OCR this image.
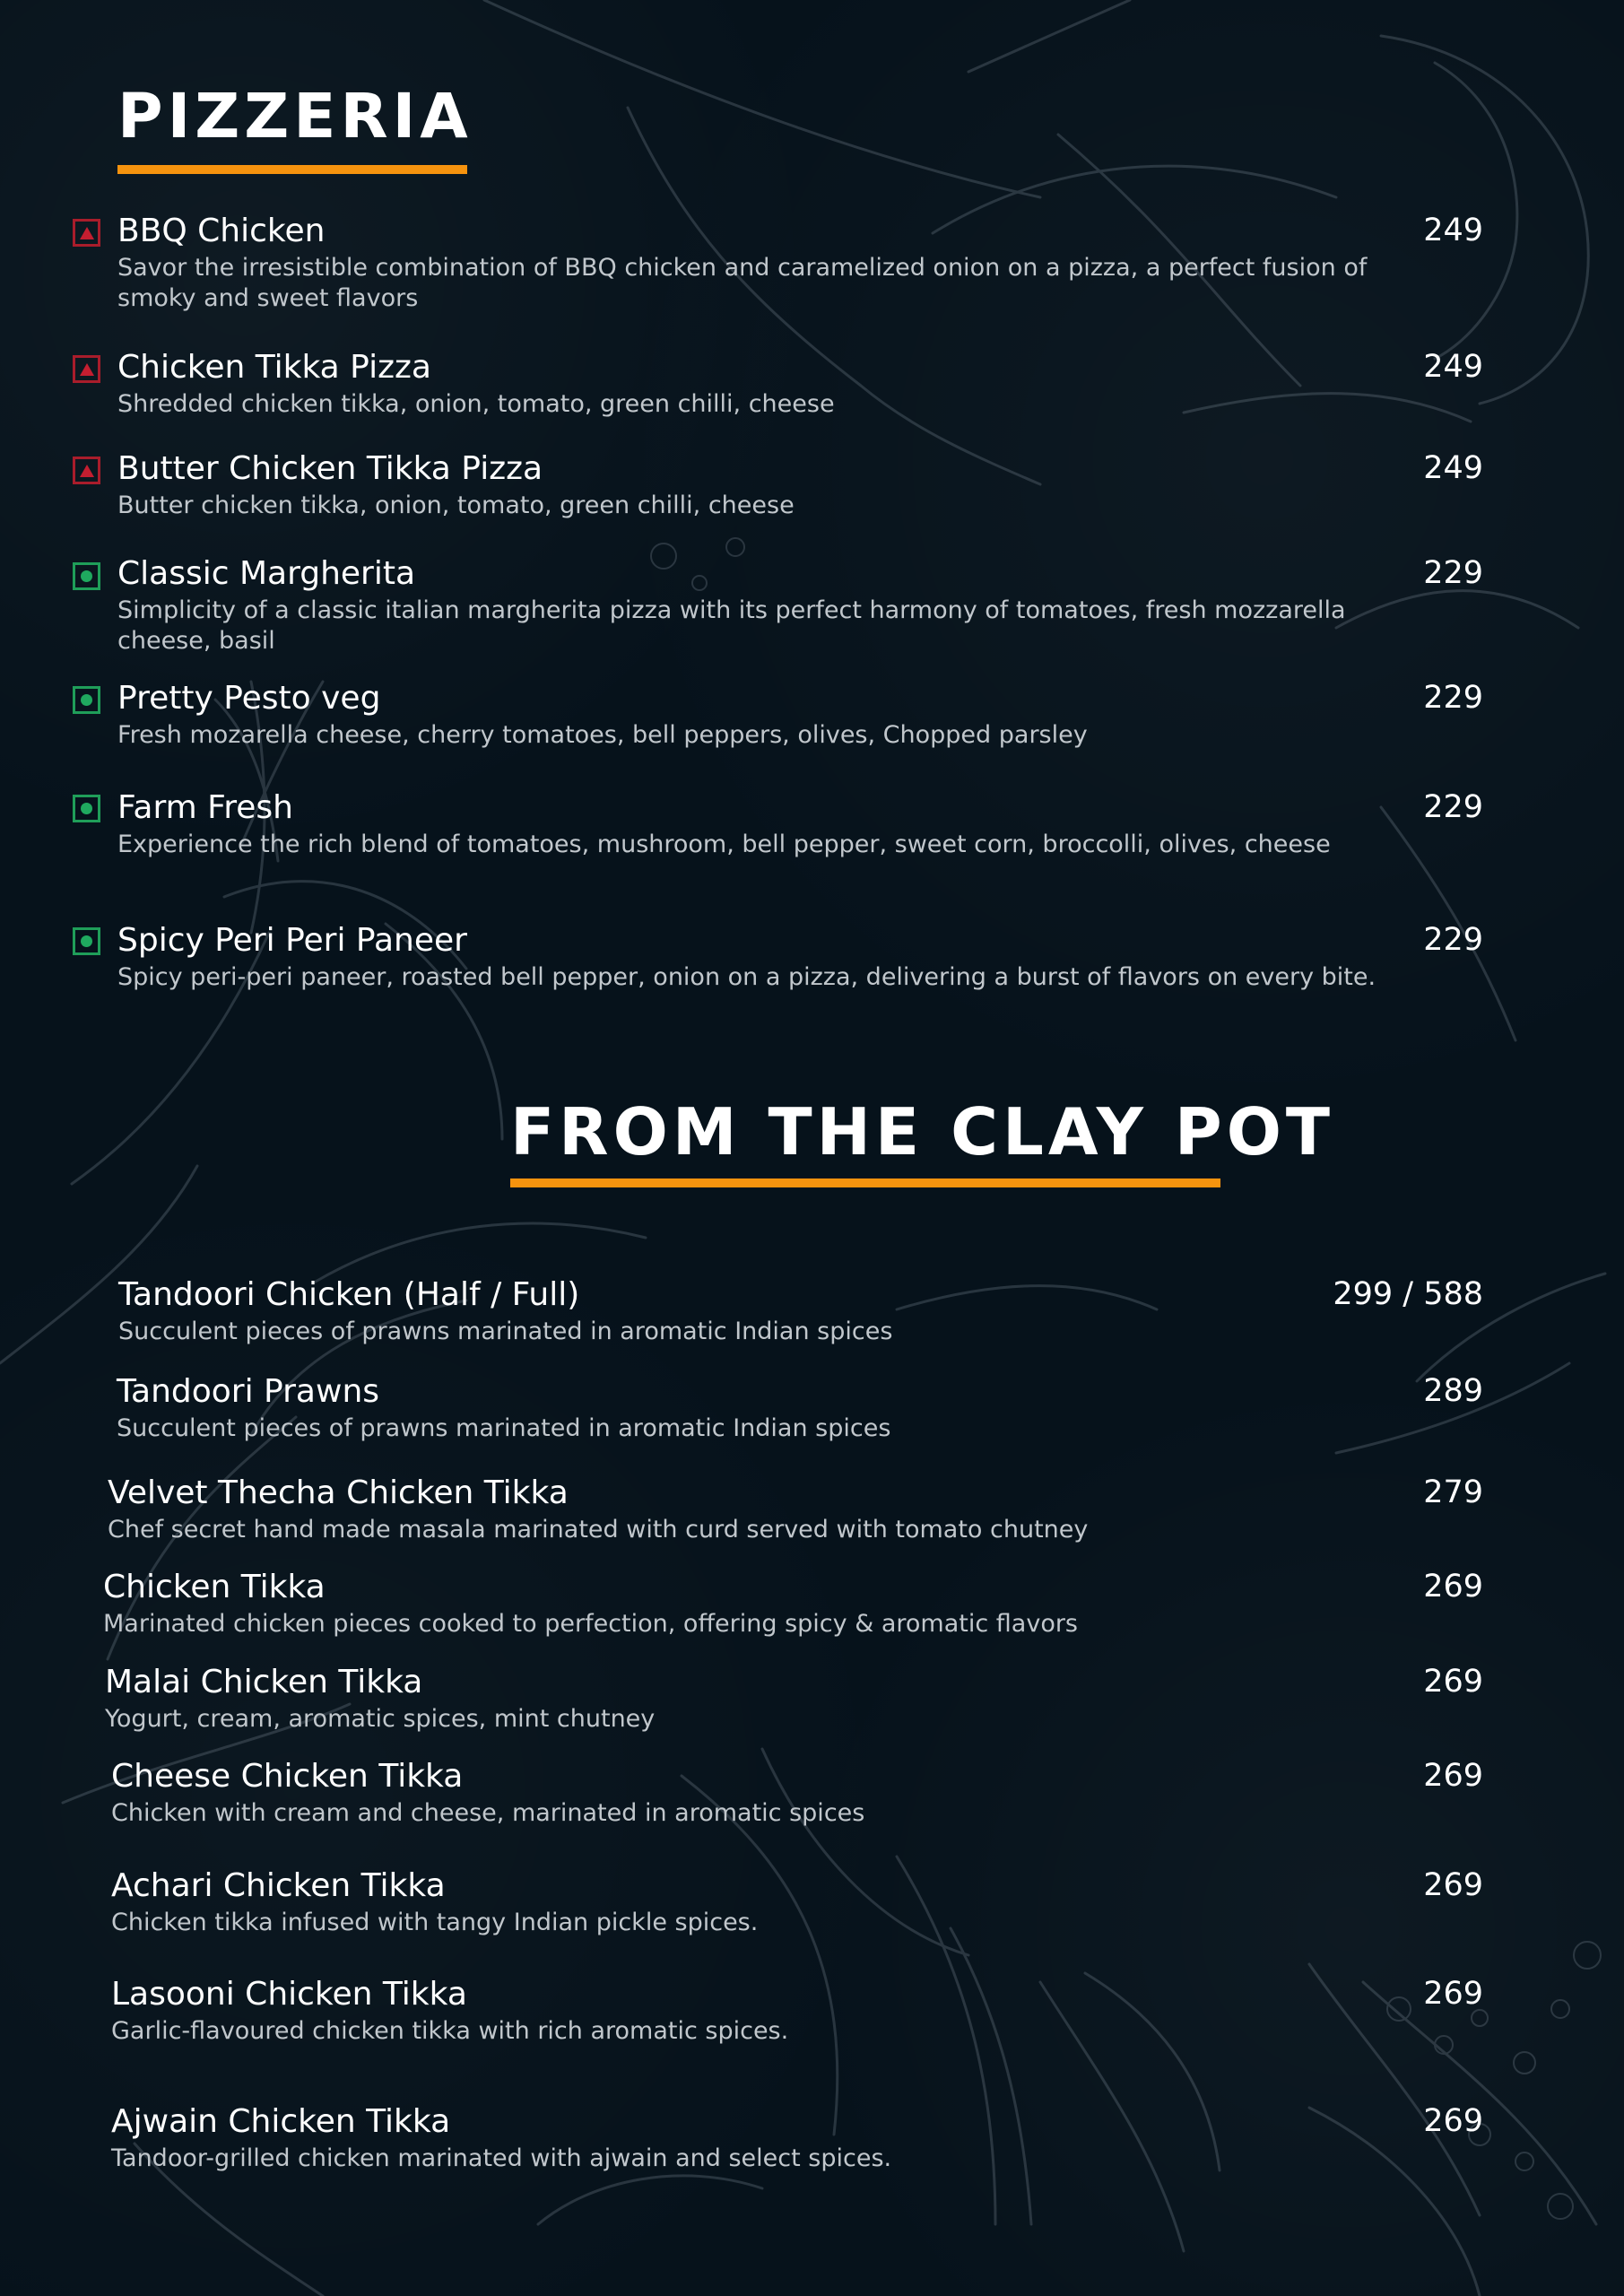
PIZZERIA
BBQ Chicken	249
Savor the irresistible combination of BBQ chicken and caramelized onion on a pizza, a perfect fusion of smoky and sweet flavors
Chicken Tikka Pizza	249
Shredded chicken tikka, onion, tomato, green chilli, cheese
Butter Chicken Tikka Pizza	249
Butter chicken tikka, onion, tomato, green chilli, cheese
Classic Margherita	229
Simplicity of a classic italian margherita pizza with its perfect harmony of tomatoes, fresh mozzarella cheese, basil
Pretty Pesto veg	229
Fresh mozarella cheese, cherry tomatoes, bell peppers, olives, Chopped parsley
Farm Fresh	229
Experience the rich blend of tomatoes, mushroom, bell pepper, sweet corn, broccolli, olives, cheese
Spicy Peri Peri Paneer	229
Spicy peri-peri paneer, roasted bell pepper, onion on a pizza, delivering a burst of flavors on every bite.
FROM THE CLAY POT
Tandoori Chicken (Half / Full)	299 / 588
Succulent pieces of prawns marinated in aromatic Indian spices
Tandoori Prawns	289
Succulent pieces of prawns marinated in aromatic Indian spices
Velvet Thecha Chicken Tikka	279
Chef secret hand made masala marinated with curd served with tomato chutney
Chicken Tikka	269
Marinated chicken pieces cooked to perfection, offering spicy & aromatic flavors
Malai Chicken Tikka	269
Yogurt, cream, aromatic spices, mint chutney
Cheese Chicken Tikka	269
Chicken with cream and cheese, marinated in aromatic spices
Achari Chicken Tikka	269
Chicken tikka infused with tangy Indian pickle spices.
Lasooni Chicken Tikka	269
Garlic-flavoured chicken tikka with rich aromatic spices.
Ajwain Chicken Tikka	269
Tandoor-grilled chicken marinated with ajwain and select spices.
